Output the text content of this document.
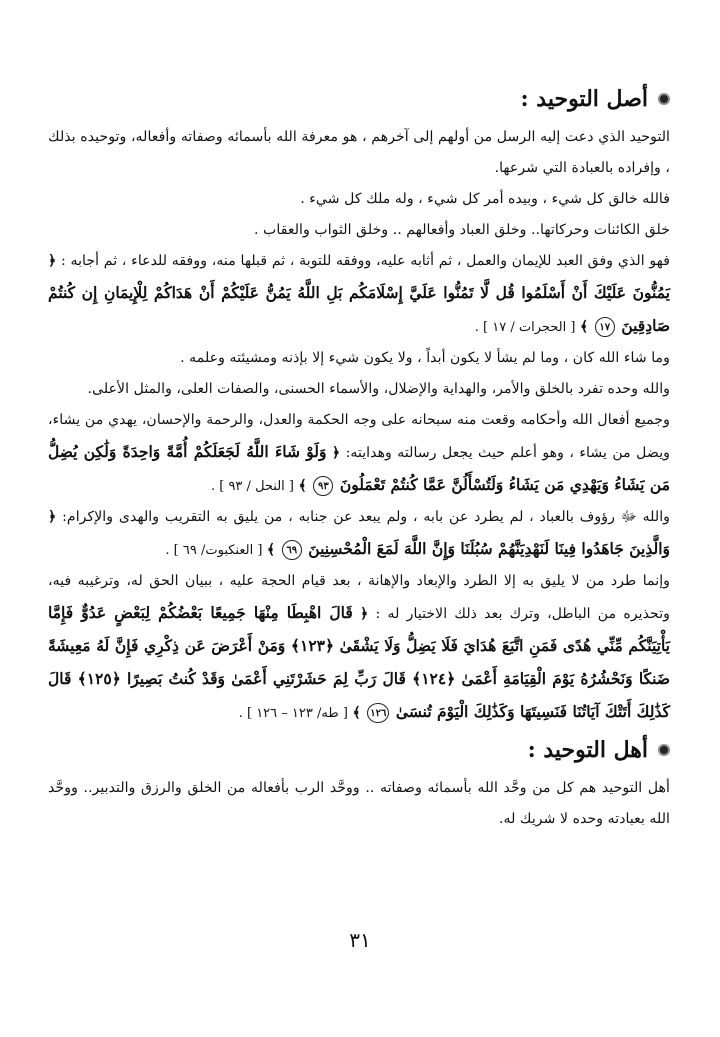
أصل التوحيد :

التوحيد الذي دعت إليه الرسل من أولهم إلى آخرهم ، هو معرفة الله بأسمائه وصفاته وأفعاله، وتوحيده بذلك ، وإفراده بالعبادة التي شرعها.

فالله خالق كل شيء ، وبيده أمر كل شيء ، وله ملك كل شيء .

خلق الكائنات وحركاتها.. وخلق العباد وأفعالهم .. وخلق الثواب والعقاب .

فهو الذي وفق العبد للإيمان والعمل ، ثم أثابه عليه، ووفقه للتوبة ، ثم قبلها منه، ووفقه للدعاء ، ثم أجابه : ﴿ يَمُنُّونَ عَلَيْكَ أَنْ أَسْلَمُوا قُل لَّا تَمُنُّوا عَلَيَّ إِسْلَامَكُم بَلِ اللَّهُ يَمُنُّ عَلَيْكُمْ أَنْ هَدَاكُمْ لِلْإِيمَانِ إِن كُنتُمْ صَادِقِينَ ١٧ ﴾ [ الحجرات / ١٧ ] .

وما شاء الله كان ، وما لم يشأ لا يكون أبداً ، ولا يكون شيء إلا بإذنه ومشيئته وعلمه .

والله وحده تفرد بالخلق والأمر، والهداية والإضلال، والأسماء الحسنى، والصفات العلى، والمثل الأعلى.

وجميع أفعال الله وأحكامه وقعت منه سبحانه على وجه الحكمة والعدل، والرحمة والإحسان، يهدي من يشاء، ويضل من يشاء ، وهو أعلم حيث يجعل رسالته وهدايته: ﴿ وَلَوْ شَاءَ اللَّهُ لَجَعَلَكُمْ أُمَّةً وَاحِدَةً وَلَٰكِن يُضِلُّ مَن يَشَاءُ وَيَهْدِي مَن يَشَاءُ وَلَتُسْأَلُنَّ عَمَّا كُنتُمْ تَعْمَلُونَ ٩٣ ﴾ [ النحل / ٩٣ ] .

والله ﷻ رؤوف بالعباد ، لم يطرد عن بابه ، ولم يبعد عن جنابه ، من يليق به التقريب والهدى والإكرام: ﴿ وَالَّذِينَ جَاهَدُوا فِينَا لَنَهْدِيَنَّهُمْ سُبُلَنَا وَإِنَّ اللَّهَ لَمَعَ الْمُحْسِنِينَ ٦٩ ﴾ [ العنكبوت/ ٦٩ ] .

وإنما طرد من لا يليق به إلا الطرد والإبعاد والإهانة ، بعد قيام الحجة عليه ، ببيان الحق له، وترغيبه فيه، وتحذيره من الباطل، وترك بعد ذلك الاختيار له : ﴿ قَالَ اهْبِطَا مِنْهَا جَمِيعًا بَعْضُكُمْ لِبَعْضٍ عَدُوٌّ فَإِمَّا يَأْتِيَنَّكُم مِّنِّي هُدًى فَمَنِ اتَّبَعَ هُدَايَ فَلَا يَضِلُّ وَلَا يَشْقَىٰ ﴿١٢٣﴾ وَمَنْ أَعْرَضَ عَن ذِكْرِي فَإِنَّ لَهُ مَعِيشَةً ضَنكًا وَنَحْشُرُهُ يَوْمَ الْقِيَامَةِ أَعْمَىٰ ﴿١٢٤﴾ قَالَ رَبِّ لِمَ حَشَرْتَنِي أَعْمَىٰ وَقَدْ كُنتُ بَصِيرًا ﴿١٢٥﴾ قَالَ كَذَٰلِكَ أَتَتْكَ آيَاتُنَا فَنَسِيتَهَا وَكَذَٰلِكَ الْيَوْمَ تُنسَىٰ ١٢٦ ﴾ [ طه/ ١٢٣ – ١٢٦ ] .

أهل التوحيد :

أهل التوحيد هم كل من وحَّد الله بأسمائه وصفاته .. ووحَّد الرب بأفعاله من الخلق والرزق والتدبير.. ووحَّد الله بعبادته وحده لا شريك له.

٣١
